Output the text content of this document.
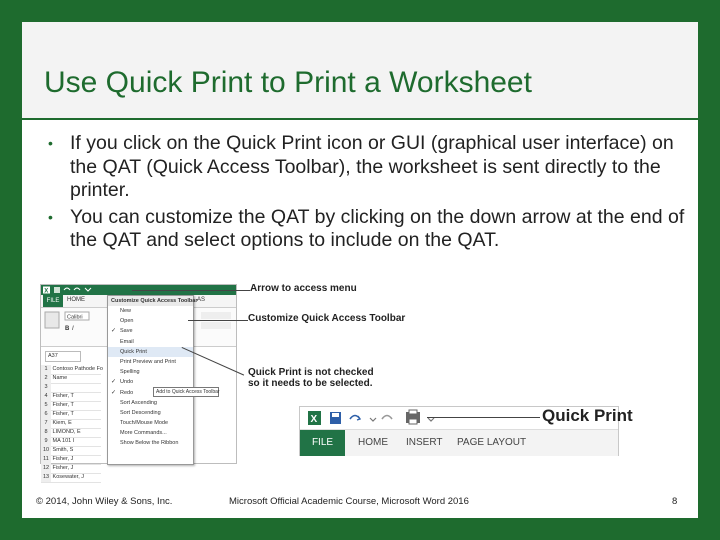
Use Quick Print to Print a Worksheet
• If you click on the Quick Print icon or GUI (graphical user interface) on the QAT (Quick Access Toolbar), the worksheet is sent directly to the printer.
• You can customize the QAT by clicking on the down arrow at the end of the QAT and select options to include on the QAT.
X
FILE	HOME	AS
Calibri
B I
A37
1 Contoso Pathode Fo
2 Name
3
4 Fisher, T
5 Fisher, T
6 Fisher, T
7 Kiem, E
8 LIMOND, E
9 MA 101 I
10 Smith, S
11 Fisher, J
12 Fisher, J
13 Kosewater, J
Customize Quick Access Toolbar
New
Open
✓ Save
Email
Quick Print
Print Preview and Print
Spelling
✓ Undo
✓ Redo
Sort Ascending
Sort Descending
Touch/Mouse Mode
More Commands...
Show Below the Ribbon
Add to Quick Access Toolbar
Arrow to access menu
Customize Quick Access Toolbar
Quick Print is not checked
so it needs to be selected.
X
FILE	HOME INSERT PAGE LAYOUT
Quick Print
© 2014, John Wiley & Sons, Inc.	Microsoft Official Academic Course, Microsoft Word 2016	8
